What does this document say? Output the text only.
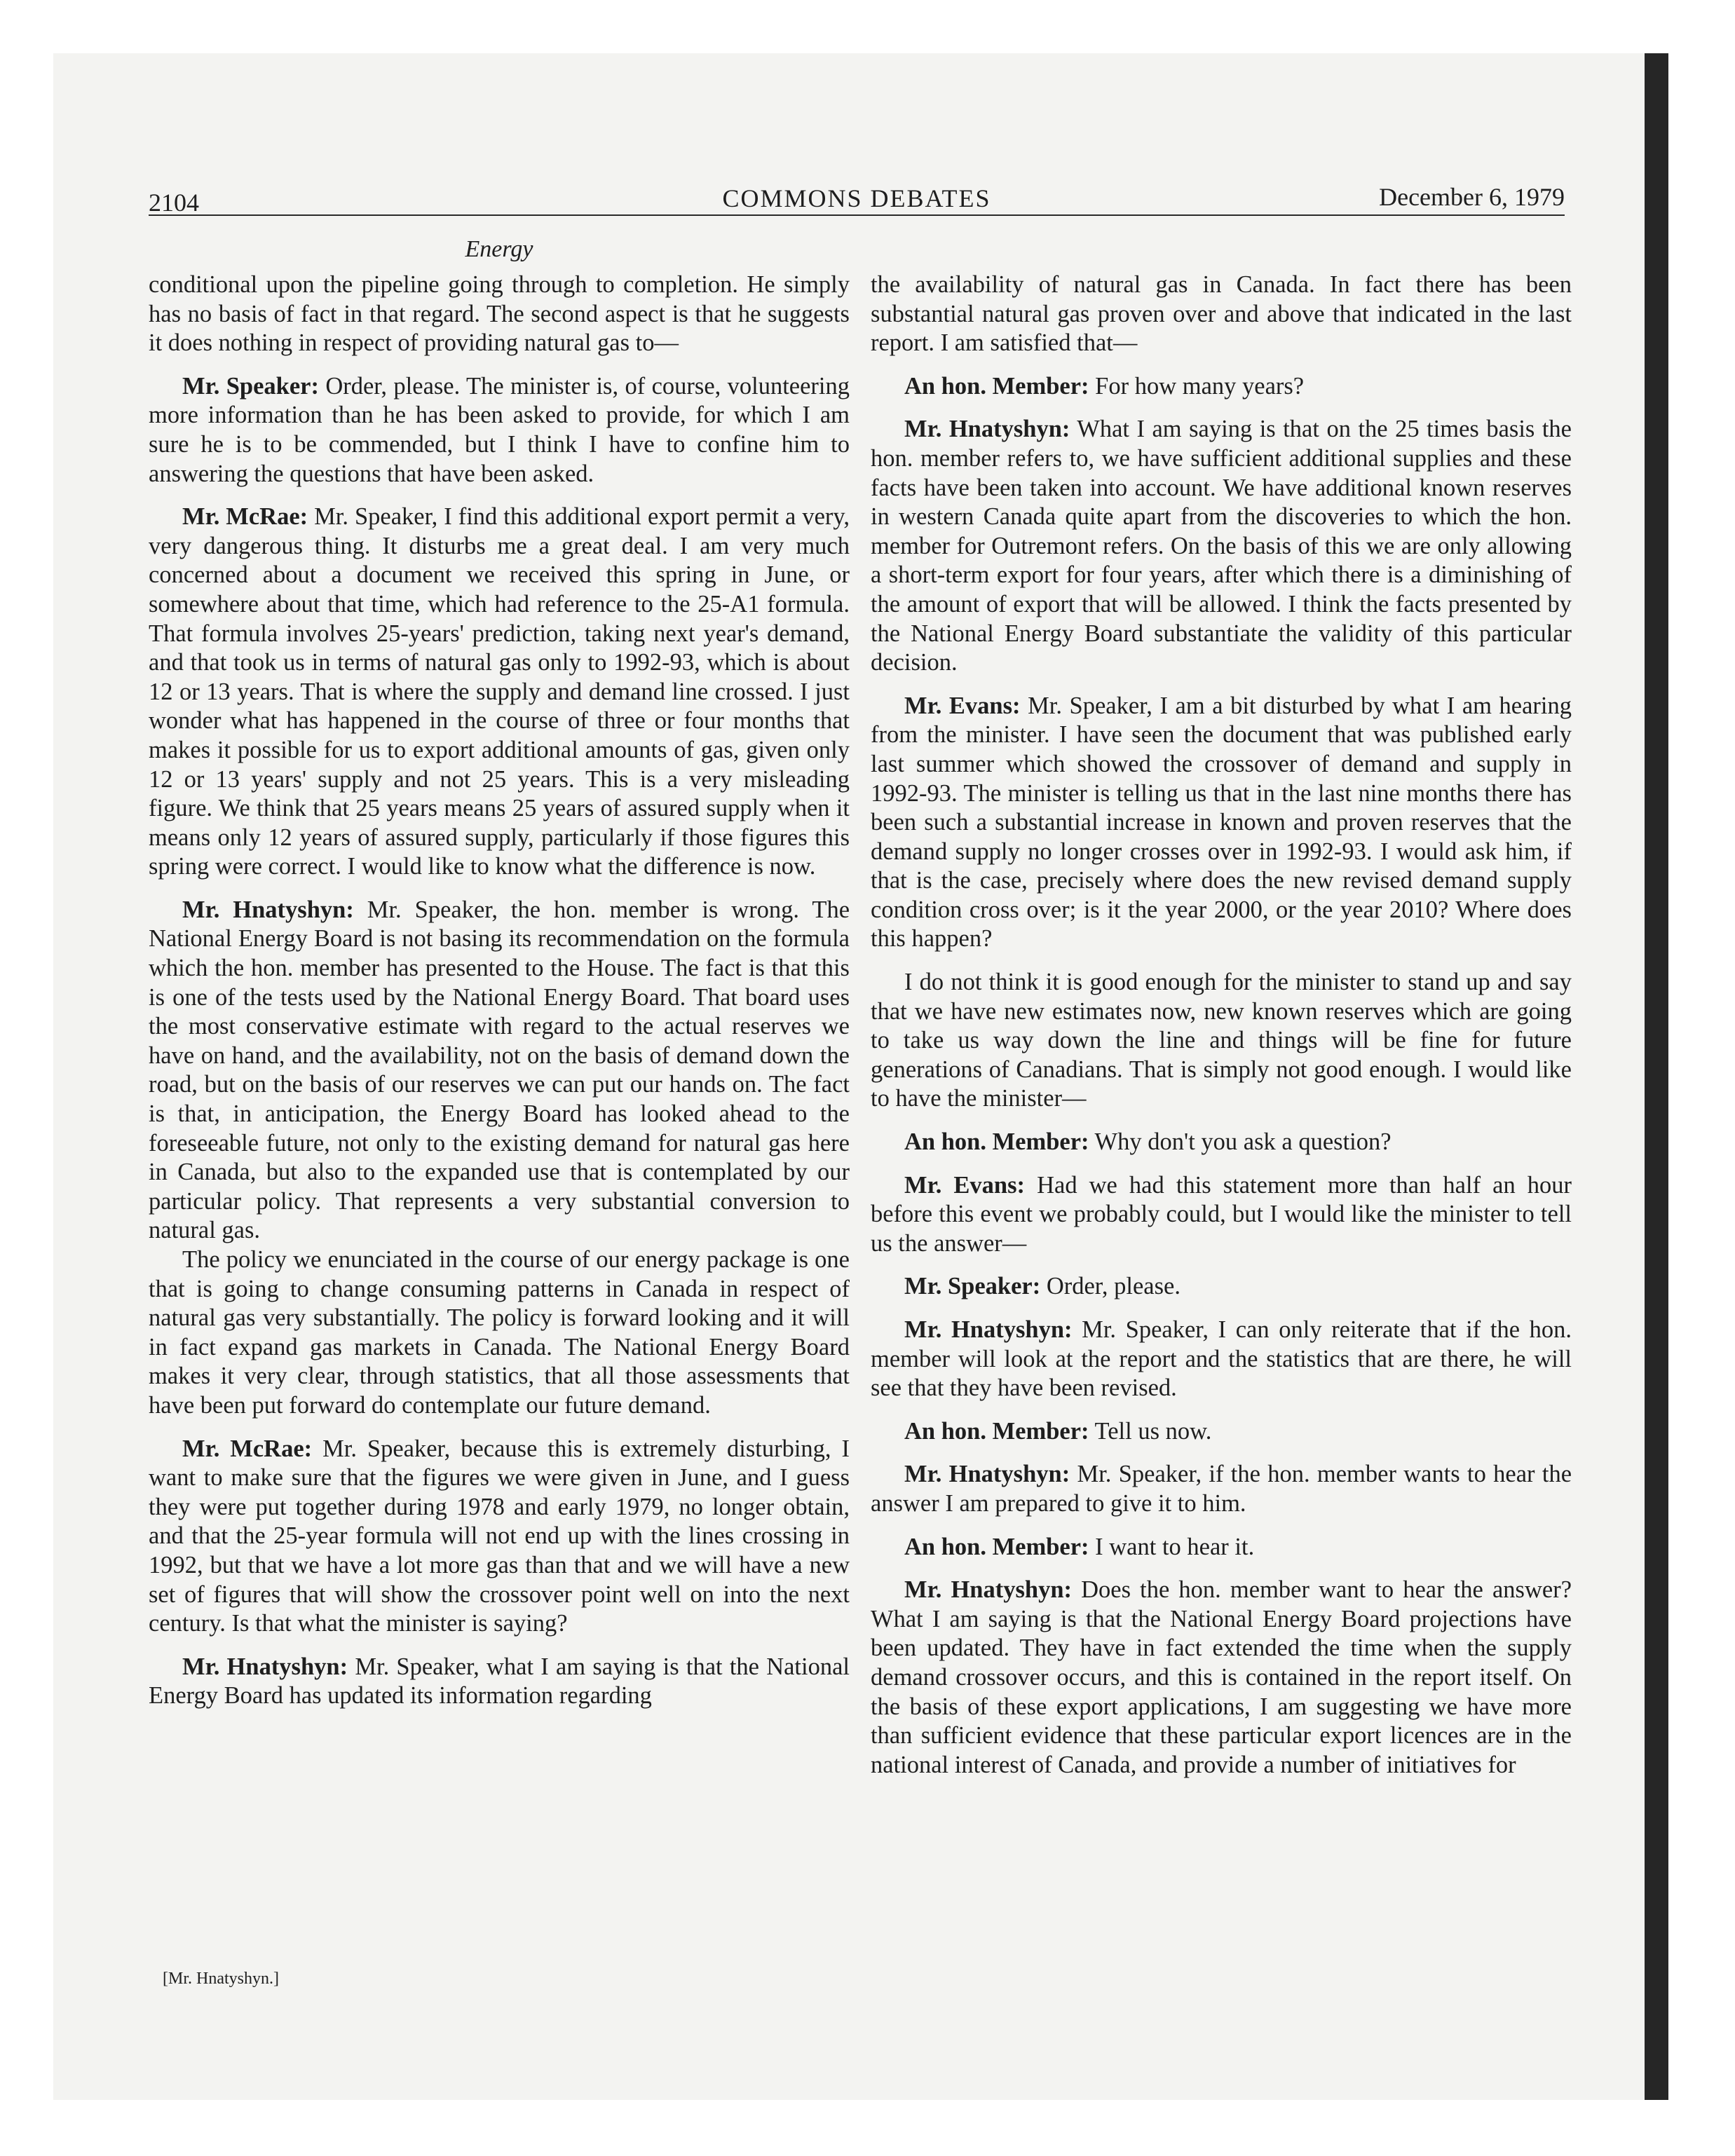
2104	COMMONS DEBATES	December 6, 1979
Energy

conditional upon the pipeline going through to completion. He simply has no basis of fact in that regard. The second aspect is that he suggests it does nothing in respect of providing natural gas to—

Mr. Speaker: Order, please. The minister is, of course, volunteering more information than he has been asked to provide, for which I am sure he is to be commended, but I think I have to confine him to answering the questions that have been asked.

Mr. McRae: Mr. Speaker, I find this additional export permit a very, very dangerous thing. It disturbs me a great deal. I am very much concerned about a document we received this spring in June, or somewhere about that time, which had reference to the 25-A1 formula. That formula involves 25-years' prediction, taking next year's demand, and that took us in terms of natural gas only to 1992-93, which is about 12 or 13 years. That is where the supply and demand line crossed. I just wonder what has happened in the course of three or four months that makes it possible for us to export additional amounts of gas, given only 12 or 13 years' supply and not 25 years. This is a very misleading figure. We think that 25 years means 25 years of assured supply when it means only 12 years of assured supply, particularly if those figures this spring were correct. I would like to know what the difference is now.

Mr. Hnatyshyn: Mr. Speaker, the hon. member is wrong. The National Energy Board is not basing its recommendation on the formula which the hon. member has presented to the House. The fact is that this is one of the tests used by the National Energy Board. That board uses the most conservative estimate with regard to the actual reserves we have on hand, and the availability, not on the basis of demand down the road, but on the basis of our reserves we can put our hands on. The fact is that, in anticipation, the Energy Board has looked ahead to the foreseeable future, not only to the existing demand for natural gas here in Canada, but also to the expanded use that is contemplated by our particular policy. That represents a very substantial conversion to natural gas.

The policy we enunciated in the course of our energy package is one that is going to change consuming patterns in Canada in respect of natural gas very substantially. The policy is forward looking and it will in fact expand gas markets in Canada. The National Energy Board makes it very clear, through statistics, that all those assessments that have been put forward do contemplate our future demand.

Mr. McRae: Mr. Speaker, because this is extremely disturbing, I want to make sure that the figures we were given in June, and I guess they were put together during 1978 and early 1979, no longer obtain, and that the 25-year formula will not end up with the lines crossing in 1992, but that we have a lot more gas than that and we will have a new set of figures that will show the crossover point well on into the next century. Is that what the minister is saying?

Mr. Hnatyshyn: Mr. Speaker, what I am saying is that the National Energy Board has updated its information regarding

[Mr. Hnatyshyn.]

the availability of natural gas in Canada. In fact there has been substantial natural gas proven over and above that indicated in the last report. I am satisfied that—

An hon. Member: For how many years?

Mr. Hnatyshyn: What I am saying is that on the 25 times basis the hon. member refers to, we have sufficient additional supplies and these facts have been taken into account. We have additional known reserves in western Canada quite apart from the discoveries to which the hon. member for Outremont refers. On the basis of this we are only allowing a short-term export for four years, after which there is a diminishing of the amount of export that will be allowed. I think the facts presented by the National Energy Board substantiate the validity of this particular decision.

Mr. Evans: Mr. Speaker, I am a bit disturbed by what I am hearing from the minister. I have seen the document that was published early last summer which showed the crossover of demand and supply in 1992-93. The minister is telling us that in the last nine months there has been such a substantial increase in known and proven reserves that the demand supply no longer crosses over in 1992-93. I would ask him, if that is the case, precisely where does the new revised demand supply condition cross over; is it the year 2000, or the year 2010? Where does this happen?

I do not think it is good enough for the minister to stand up and say that we have new estimates now, new known reserves which are going to take us way down the line and things will be fine for future generations of Canadians. That is simply not good enough. I would like to have the minister—

An hon. Member: Why don't you ask a question?

Mr. Evans: Had we had this statement more than half an hour before this event we probably could, but I would like the minister to tell us the answer—

Mr. Speaker: Order, please.

Mr. Hnatyshyn: Mr. Speaker, I can only reiterate that if the hon. member will look at the report and the statistics that are there, he will see that they have been revised.

An hon. Member: Tell us now.

Mr. Hnatyshyn: Mr. Speaker, if the hon. member wants to hear the answer I am prepared to give it to him.

An hon. Member: I want to hear it.

Mr. Hnatyshyn: Does the hon. member want to hear the answer? What I am saying is that the National Energy Board projections have been updated. They have in fact extended the time when the supply demand crossover occurs, and this is contained in the report itself. On the basis of these export applications, I am suggesting we have more than sufficient evidence that these particular export licences are in the national interest of Canada, and provide a number of initiatives for
